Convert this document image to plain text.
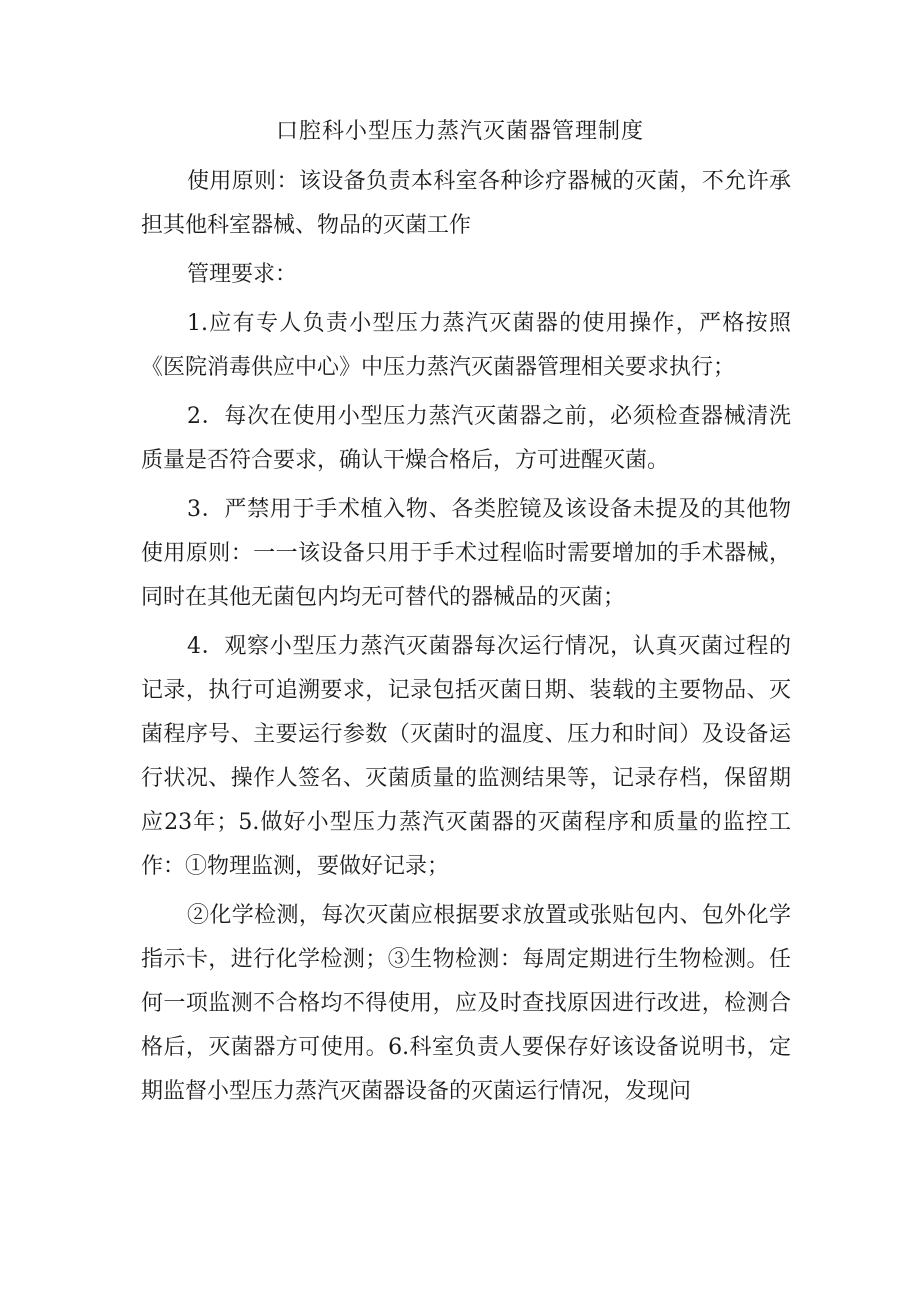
口腔科小型压力蒸汽灭菌器管理制度

使用原则：该设备负责本科室各种诊疗器械的灭菌，不允许承担其他科室器械、物品的灭菌工作

管理要求：

1.应有专人负责小型压力蒸汽灭菌器的使用操作，严格按照《医院消毒供应中心》中压力蒸汽灭菌器管理相关要求执行；

2．每次在使用小型压力蒸汽灭菌器之前，必须检查器械清洗质量是否符合要求，确认干燥合格后，方可进醒灭菌。

3．严禁用于手术植入物、各类腔镜及该设备未提及的其他物使用原则：一一该设备只用于手术过程临时需要增加的手术器械，同时在其他无菌包内均无可替代的器械品的灭菌；

4．观察小型压力蒸汽灭菌器每次运行情况，认真灭菌过程的记录，执行可追溯要求，记录包括灭菌日期、装载的主要物品、灭菌程序号、主要运行参数（灭菌时的温度、压力和时间）及设备运行状况、操作人签名、灭菌质量的监测结果等，记录存档，保留期应23年；5.做好小型压力蒸汽灭菌器的灭菌程序和质量的监控工作：①物理监测，要做好记录；

②化学检测，每次灭菌应根据要求放置或张贴包内、包外化学指示卡，进行化学检测；③生物检测：每周定期进行生物检测。任何一项监测不合格均不得使用，应及时查找原因进行改进，检测合格后，灭菌器方可使用。6.科室负责人要保存好该设备说明书，定期监督小型压力蒸汽灭菌器设备的灭菌运行情况，发现问
